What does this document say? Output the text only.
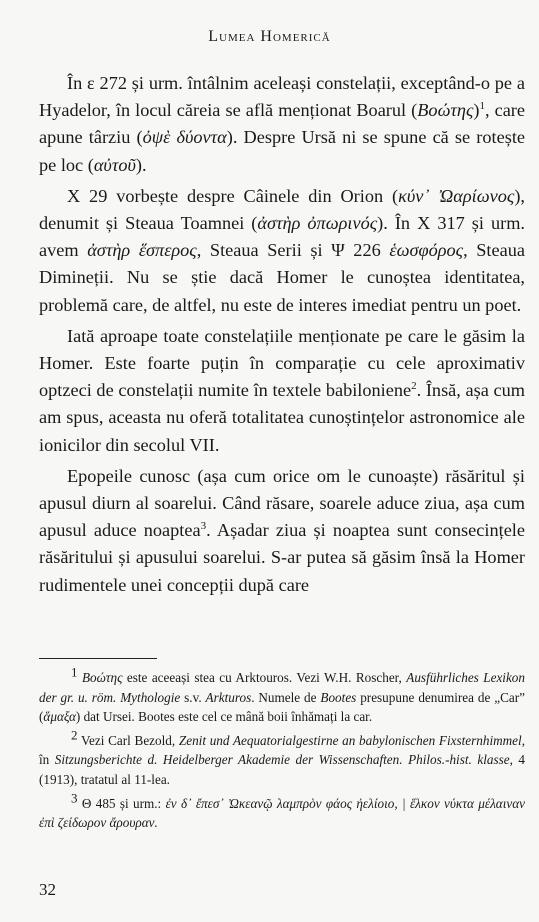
Lumea Homerică

În ε 272 și urm. întâlnim aceleași constelații, exceptând-o pe a Hyadelor, în locul căreia se află menționat Boarul $(Boώ\tau\eta\varsigma)^1$, care apune târziu (ὀψὲ δύοντα). Despre Ursă ni se spune că se rotește pe loc (αὐτοῦ).

X 29 vorbește despre Câinele din Orion (κύν᾽ Ὠαρίωνος), denumit și Steaua Toamnei (ἀστὴρ ὀπωρινός). În X 317 și urm. avem ἀστὴρ ἕσπερος, Steaua Serii și Ψ 226 ἑωσφόρος, Steaua Dimineții. Nu se știe dacă Homer le cunoștea identitatea, problemă care, de altfel, nu este de interes imediat pentru un poet.

Iată aproape toate constelațiile menționate pe care le găsim la Homer. Este foarte puțin în comparație cu cele aproximativ optzeci de constelații numite în textele babiloniene$^2$. Însă, așa cum am spus, aceasta nu oferă totalitatea cunoștințelor astronomice ale ionicilor din secolul VII.

Epopeile cunosc (așa cum orice om le cunoaște) răsăritul și apusul diurn al soarelui. Când răsare, soarele aduce ziua, așa cum apusul aduce noaptea$^3$. Așadar ziua și noaptea sunt consecințele răsăritului și apusului soarelui. S-ar putea să găsim însă la Homer rudimentele unei concepții după care

$^1$ Βοώτης este aceeași stea cu Arktouros. Vezi W.H. Roscher, Ausführliches Lexikon der gr. u. röm. Mythologie s.v. Arkturos. Numele de Bootes presupune denumirea de „Car” (ἅμαξα) dat Ursei. Bootes este cel ce mână boii înhămați la car.

$^2$ Vezi Carl Bezold, Zenit und Aequatorialgestirne an babylonischen Fixsternhimmel, în Sitzungsberichte d. Heidelberger Akademie der Wissenschaften. Philos.-hist. klasse, 4 (1913), tratatul al 11-lea.

$^3$ Θ 485 și urm.: ἐν δ᾽ ἔπεσ᾽ Ὠκεανῷ λαμπρὸν φάος ἠελίοιο, | ἕλκον νύκτα μέλαιναν ἐπὶ ζείδωρον ἄρουραν.

32
